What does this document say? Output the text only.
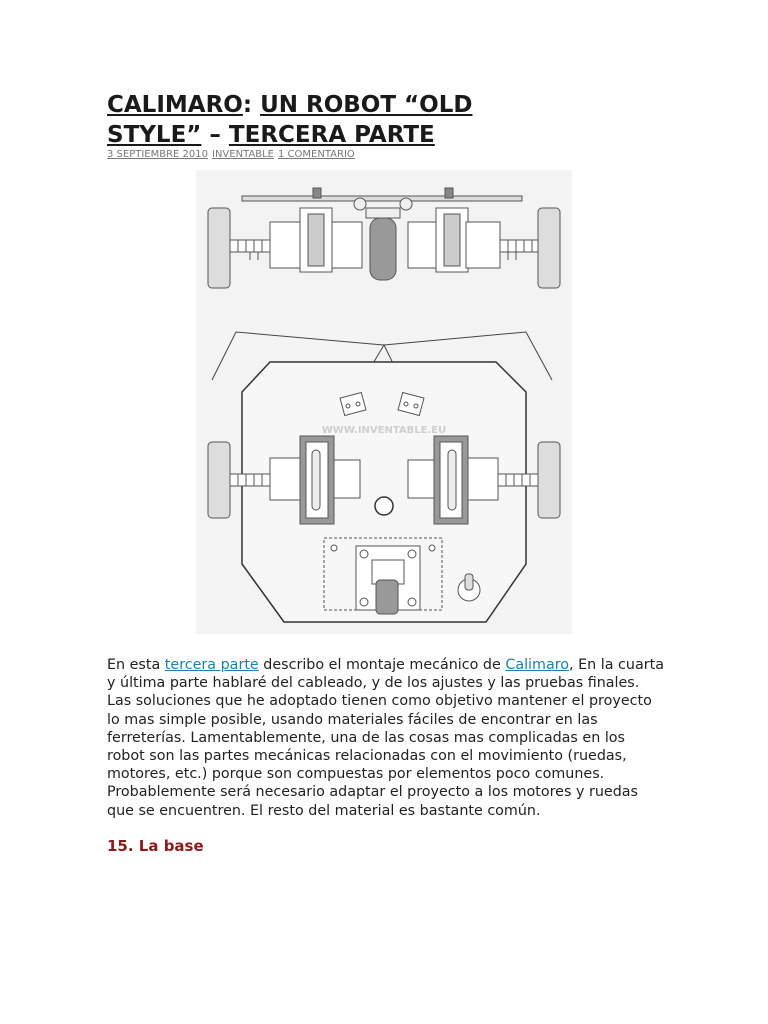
CALIMARO: UN ROBOT “OLD STYLE” – TERCERA PARTE
3 SEPTIEMBRE 2010 INVENTABLE 1 COMENTARIO
WWW.INVENTABLE.EU

En esta tercera parte describo el montaje mecánico de Calimaro, En la cuarta y última parte hablaré del cableado, y de los ajustes y las pruebas finales. Las soluciones que he adoptado tienen como objetivo mantener el proyecto lo mas simple posible, usando materiales fáciles de encontrar en las ferreterías. Lamentablemente, una de las cosas mas complicadas en los robot son las partes mecánicas relacionadas con el movimiento (ruedas, motores, etc.) porque son compuestas por elementos poco comunes. Probablemente será necesario adaptar el proyecto a los motores y ruedas que se encuentren. El resto del material es bastante común.

15. La base
